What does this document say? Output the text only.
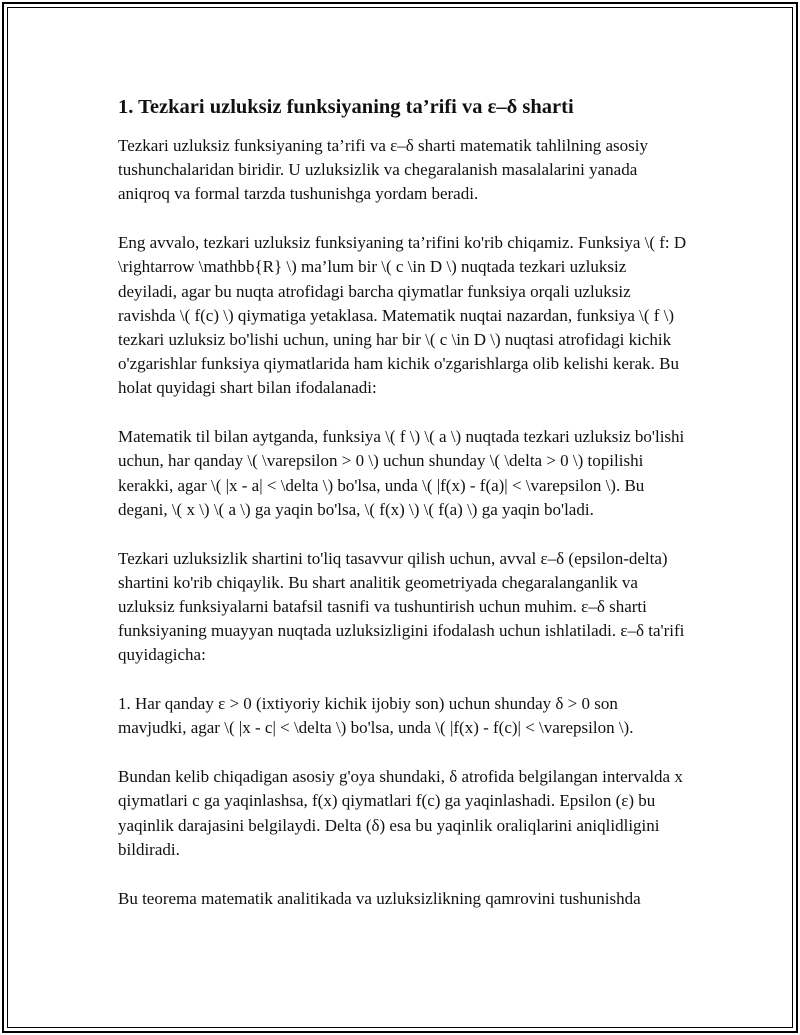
1. Tezkari uzluksiz funksiyaning ta’rifi va ε–δ sharti

Tezkari uzluksiz funksiyaning ta’rifi va ε–δ sharti matematik tahlilning asosiy tushunchalaridan biridir. U uzluksizlik va chegaralanish masalalarini yanada aniqroq va formal tarzda tushunishga yordam beradi.

Eng avvalo, tezkari uzluksiz funksiyaning ta’rifini ko'rib chiqamiz. Funksiya \( f: D \rightarrow \mathbb{R} \) ma’lum bir \( c \in D \) nuqtada tezkari uzluksiz deyiladi, agar bu nuqta atrofidagi barcha qiymatlar funksiya orqali uzluksiz ravishda \( f(c) \) qiymatiga yetaklasa. Matematik nuqtai nazardan, funksiya \( f \) tezkari uzluksiz bo'lishi uchun, uning har bir \( c \in D \) nuqtasi atrofidagi kichik o'zgarishlar funksiya qiymatlarida ham kichik o'zgarishlarga olib kelishi kerak. Bu holat quyidagi shart bilan ifodalanadi:

Matematik til bilan aytganda, funksiya \( f \) \( a \) nuqtada tezkari uzluksiz bo'lishi uchun, har qanday \( \varepsilon > 0 \) uchun shunday \( \delta > 0 \) topilishi kerakki, agar \( |x - a| < \delta \) bo'lsa, unda \( |f(x) - f(a)| < \varepsilon \). Bu degani, \( x \) \( a \) ga yaqin bo'lsa, \( f(x) \) \( f(a) \) ga yaqin bo'ladi.

Tezkari uzluksizlik shartini to'liq tasavvur qilish uchun, avval ε–δ (epsilon-delta) shartini ko'rib chiqaylik. Bu shart analitik geometriyada chegaralanganlik va uzluksiz funksiyalarni batafsil tasnifi va tushuntirish uchun muhim. ε–δ sharti funksiyaning muayyan nuqtada uzluksizligini ifodalash uchun ishlatiladi. ε–δ ta'rifi quyidagicha:

1. Har qanday ε > 0 (ixtiyoriy kichik ijobiy son) uchun shunday δ > 0 son mavjudki, agar \( |x - c| < \delta \) bo'lsa, unda \( |f(x) - f(c)| < \varepsilon \).

Bundan kelib chiqadigan asosiy g'oya shundaki, δ atrofida belgilangan intervalda x qiymatlari c ga yaqinlashsa, f(x) qiymatlari f(c) ga yaqinlashadi. Epsilon (ε) bu yaqinlik darajasini belgilaydi. Delta (δ) esa bu yaqinlik oraliqlarini aniqlidligini bildiradi.

Bu teorema matematik analitikada va uzluksizlikning qamrovini tushunishda
